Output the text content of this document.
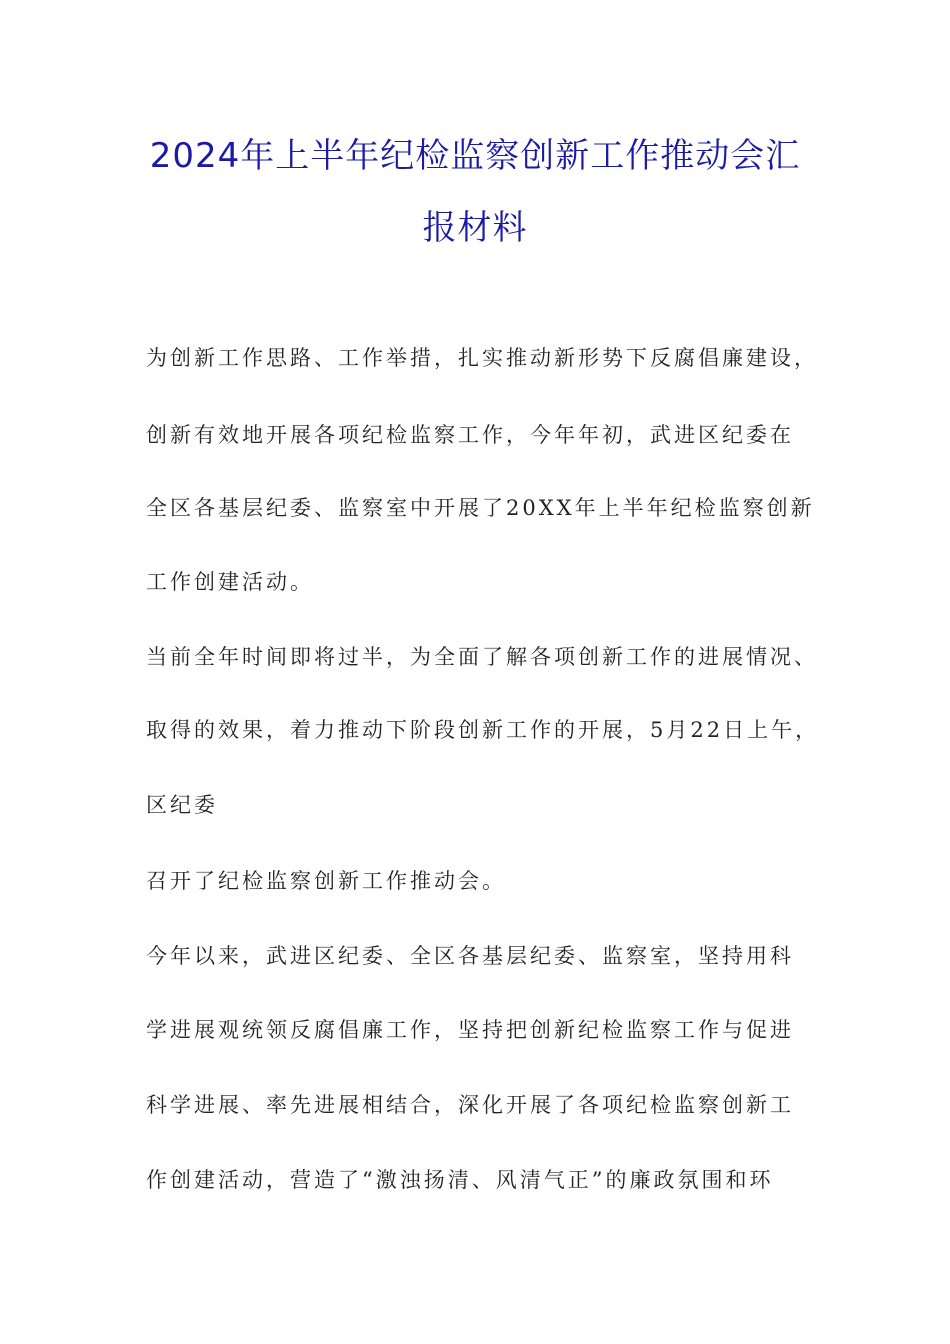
2024年上半年纪检监察创新工作推动会汇
报材料
为创新工作思路、工作举措，扎实推动新形势下反腐倡廉建设，
创新有效地开展各项纪检监察工作，今年年初，武进区纪委在
全区各基层纪委、监察室中开展了20XX年上半年纪检监察创新
工作创建活动。
当前全年时间即将过半，为全面了解各项创新工作的进展情况、
取得的效果，着力推动下阶段创新工作的开展，5月22日上午，
区纪委
召开了纪检监察创新工作推动会。
今年以来，武进区纪委、全区各基层纪委、监察室，坚持用科
学进展观统领反腐倡廉工作，坚持把创新纪检监察工作与促进
科学进展、率先进展相结合，深化开展了各项纪检监察创新工
作创建活动，营造了“激浊扬清、风清气正”的廉政氛围和环
